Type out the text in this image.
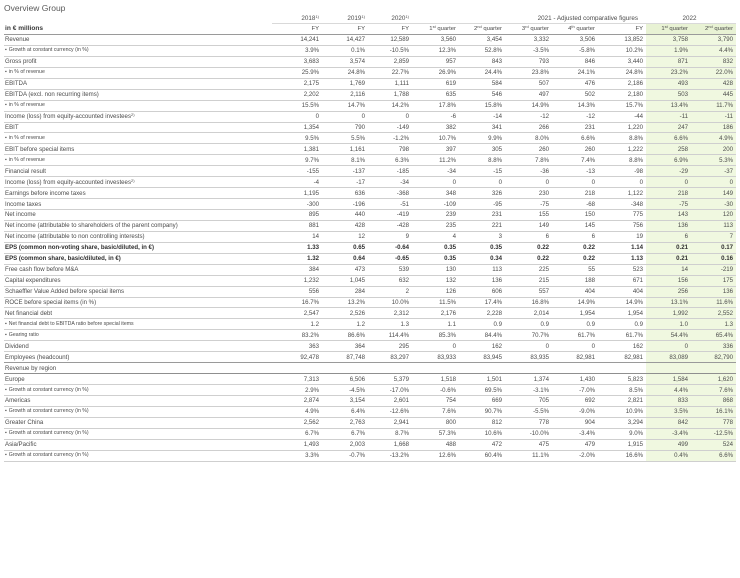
Overview Group
	2018$^{1)}$	2019$^{1)}$	2020$^{1)}$	2021 - Adjusted comparative figures					2022	
in € millions	FY	FY	FY	1st quarter	2nd quarter	3rd quarter	4th quarter	FY	1st quarter	2nd quarter
Revenue	14,241	14,427	12,589	3,560	3,454	3,332	3,506	13,852	3,758	3,790
▪ Growth at constant currency (in %)	3.9%	0.1%	-10.5%	12.3%	52.8%	-3.5%	-5.8%	10.2%	1.9%	4.4%
Gross profit	3,683	3,574	2,859	957	843	793	846	3,440	871	832
▪ in % of revenue	25.9%	24.8%	22.7%	26.9%	24.4%	23.8%	24.1%	24.8%	23.2%	22.0%
EBITDA	2,175	1,769	1,111	619	584	507	476	2,186	493	428
EBITDA (excl. non recurring items)	2,202	2,116	1,788	635	546	497	502	2,180	503	445
▪ in % of revenue	15.5%	14.7%	14.2%	17.8%	15.8%	14.9%	14.3%	15.7%	13.4%	11.7%
Income (loss) from equity-accounted investees$^{2)}$	0	0	0	-6	-14	-12	-12	-44	-11	-11
EBIT	1,354	790	-149	382	341	266	231	1,220	247	186
▪ in % of revenue	9.5%	5.5%	-1.2%	10.7%	9.9%	8.0%	6.6%	8.8%	6.6%	4.9%
EBIT before special items	1,381	1,161	798	397	305	260	260	1,222	258	200
▪ in % of revenue	9.7%	8.1%	6.3%	11.2%	8.8%	7.8%	7.4%	8.8%	6.9%	5.3%
Financial result	-155	-137	-185	-34	-15	-36	-13	-98	-29	-37
Income (loss) from equity-accounted investees$^{2)}$	-4	-17	-34	0	0	0	0	0	0	0
Earnings before income taxes	1,195	636	-368	348	326	230	218	1,122	218	149
Income taxes	-300	-196	-51	-109	-95	-75	-68	-348	-75	-30
Net income	895	440	-419	239	231	155	150	775	143	120
Net income (attributable to shareholders of the parent company)	881	428	-428	235	221	149	145	756	136	113
Net income (attributable to non controlling interests)	14	12	9	4	3	6	6	19	6	7
EPS (common non-voting share, basic/diluted, in €)	1.33	0.65	-0.64	0.35	0.35	0.22	0.22	1.14	0.21	0.17
EPS (common share, basic/diluted, in €)	1.32	0.64	-0.65	0.35	0.34	0.22	0.22	1.13	0.21	0.16
Free cash flow before M&A	384	473	539	130	113	225	55	523	14	-219
Capital expenditures	1,232	1,045	632	132	136	215	188	671	156	175
Schaeffler Value Added before special items	556	284	2	126	606	557	404	404	256	136
ROCE before special items (in %)	16.7%	13.2%	10.0%	11.5%	17.4%	16.8%	14.9%	14.9%	13.1%	11.6%
Net financial debt	2,547	2,526	2,312	2,176	2,228	2,014	1,954	1,954	1,992	2,552
▪ Net financial debt to EBITDA ratio before special items	1.2	1.2	1.3	1.1	0.9	0.9	0.9	0.9	1.0	1.3
▪ Gearing ratio	83.2%	86.6%	114.4%	85.3%	84.4%	70.7%	61.7%	61.7%	54.4%	65.4%
Dividend	363	364	295	0	162	0	0	162	0	336
Employees (headcount)	92,478	87,748	83,297	83,933	83,945	83,935	82,981	82,981	83,089	82,790
Revenue by region										
Europe	7,313	6,506	5,379	1,518	1,501	1,374	1,430	5,823	1,584	1,620
▪ Growth at constant currency (in %)	2.9%	-4.5%	-17.0%	-0.6%	69.5%	-3.1%	-7.0%	8.5%	4.4%	7.6%
Americas	2,874	3,154	2,601	754	669	705	692	2,821	833	868
▪ Growth at constant currency (in %)	4.9%	6.4%	-12.6%	7.6%	90.7%	-5.5%	-9.0%	10.9%	3.5%	16.1%
Greater China	2,562	2,763	2,941	800	812	778	904	3,294	842	778
▪ Growth at constant currency (in %)	6.7%	6.7%	8.7%	57.3%	10.6%	-10.0%	-3.4%	9.0%	-3.4%	-12.5%
Asia/Pacific	1,493	2,003	1,668	488	472	475	479	1,915	499	524
▪ Growth at constant currency (in %)	3.3%	-0.7%	-13.2%	12.6%	60.4%	11.1%	-2.0%	16.6%	0.4%	6.6%
